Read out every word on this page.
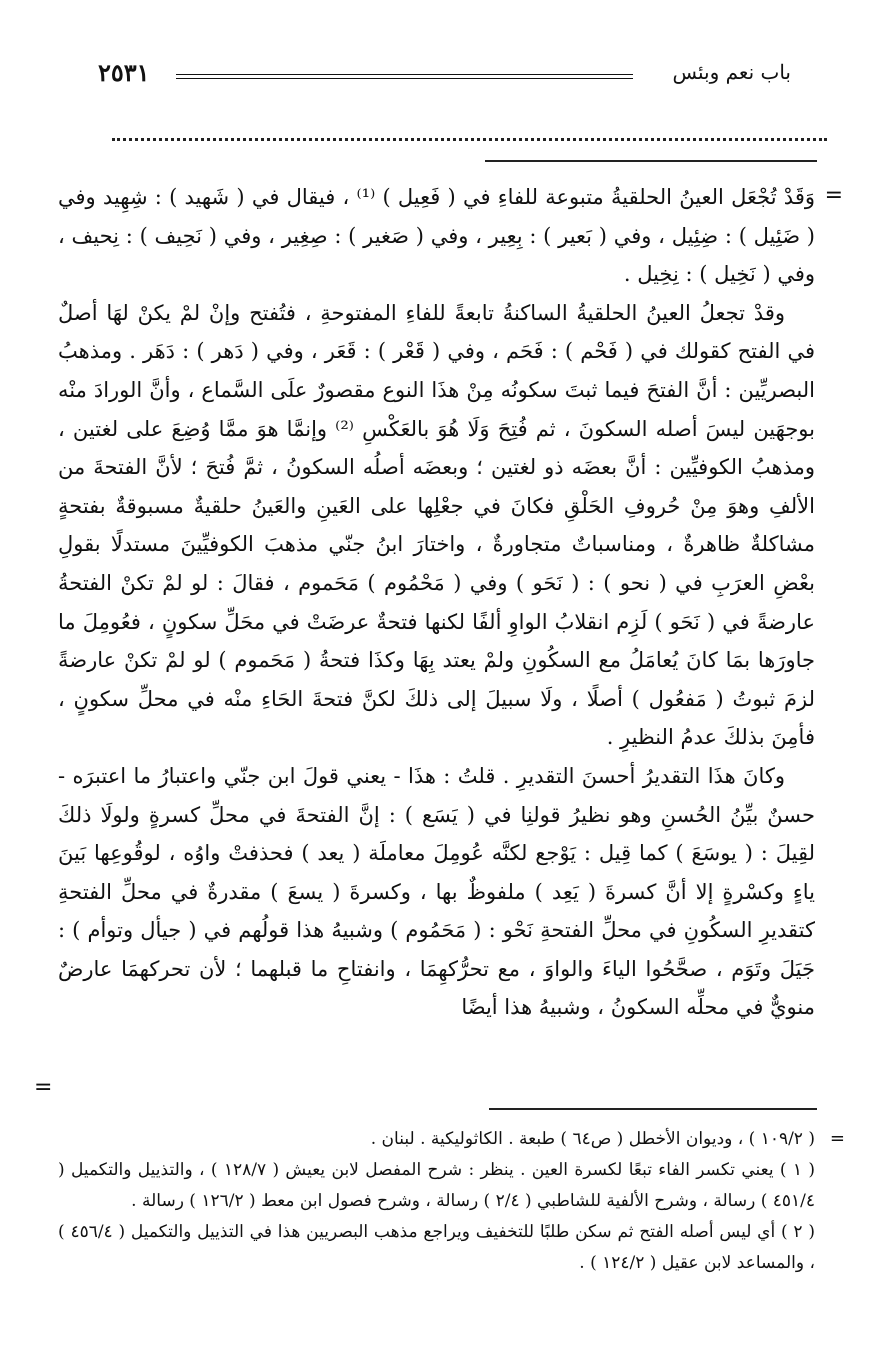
٢٥٣١	باب نعم وبئس
=
=
=

وَقَدْ تُجْعَل العينُ الحلقيةُ متبوعة للفاءِ في ( فَعِيل ) ⁽¹⁾ ، فيقال في ( شَهيد ) : شِهِيد وفي ( ضَئِيل ) : ضِئِيل ، وفي ( بَعير ) : بِعِير ، وفي ( صَغير ) : صِغِير ، وفي ( نَحِيف ) : نِحيف ، وفي ( نَخِيل ) : نِخِيل .

وقدْ تجعلُ العينُ الحلقيةُ الساكنةُ تابعةً للفاءِ المفتوحةِ ، فتُفتح وإنْ لمْ يكنْ لهَا أصلٌ في الفتح كقولك في ( فَحْم ) : فَحَم ، وفي ( قَعْر ) : قَعَر ، وفي ( دَهر ) : دَهَر . ومذهبُ البصريِّين : أنَّ الفتحَ فيما ثبتَ سكونُه مِنْ هذَا النوع مقصورٌ علَى السَّماع ، وأنَّ الورادَ منْه بوجهَين ليسَ أصله السكونَ ، ثم فُتِحَ وَلَا هُوَ بالعَكْسِ ⁽²⁾ وإنمَّا هوَ ممَّا وُضِعَ على لغتين ، ومذهبُ الكوفيِّين : أنَّ بعضَه ذو لغتين ؛ وبعضَه أصلُه السكونُ ، ثمَّ فُتحَ ؛ لأنَّ الفتحةَ من الألفِ وهوَ مِنْ حُروفِ الحَلْقِ فكانَ في جعْلِها على العَينِ والعَينُ حلقيةٌ مسبوقةٌ بفتحةٍ مشاكلةٌ ظاهرةٌ ، ومناسباتٌ متجاورةٌ ، واختارَ ابنُ جنّي مذهبَ الكوفيِّينَ مستدلًا بقولِ بعْضِ العرَبِ في ( نحو ) : ( نَحَو ) وفي ( مَحْمُوم ) مَحَموم ، فقالَ : لو لمْ تكنْ الفتحةُ عارضةً في ( نَحَو ) لَزِم انقلابُ الواوِ ألفًا لكنها فتحةٌ عرضَتْ في محَلِّ سكونٍ ، فعُومِلَ ما جاورَها بمَا كانَ يُعامَلُ مع السكُونِ ولمْ يعتد بِهَا وكذَا فتحةُ ( مَحَموم ) لو لمْ تكنْ عارضةً لزمَ ثبوتُ ( مَفعُول ) أصلًا ، ولَا سبيلَ إلى ذلكَ لكنَّ فتحةَ الحَاءِ منْه في محلِّ سكونٍ ، فأمِنَ بذلكَ عدمُ النظيرِ .

وكانَ هذَا التقديرُ أحسنَ التقديرِ . قلتُ : هذَا - يعني قولَ ابن جنّي واعتبارُ ما اعتبرَه - حسنٌ بيِّنُ الحُسنِ وهو نظيرُ قولنِا في ( يَسَع ) : إنَّ الفتحةَ في محلِّ كسرةٍ ولولَا ذلكَ لقِيلَ : ( يوسَعَ ) كما قِيل : يَوْجع لكنَّه عُومِلَ معاملَة ( يعد ) فحذفتْ واوُه ، لوقُوعِها بَينَ ياءٍ وكسْرةٍ إلا أنَّ كسرةَ ( يَعِد ) ملفوظٌ بها ، وكسرةَ ( يسعَ ) مقدرةٌ في محلِّ الفتحةِ كتقديرِ السكُونِ في محلِّ الفتحةِ نَحْو : ( مَحَمُوم ) وشبيهُ هذا قولُهم في ( جيأل وتوأم ) : جَيَلَ وتَوَم ، صحَّحُوا الياءَ والواوَ ، مع تحرُّكهِمَا ، وانفتاحِ ما قبلهما ؛ لأن تحركهمَا عارضٌ منويٌّ في محلِّه السكونُ ، وشبيهُ هذا أيضًا

( ١٠٩/٢ ) ، وديوان الأخطل ( ص٦٤ ) طبعة . الكاثوليكية . لبنان .

( ١ ) يعني تكسر الفاء تبعًا لكسرة العين . ينظر : شرح المفصل لابن يعيش ( ١٢٨/٧ ) ، والتذييل والتكميل ( ٤٥١/٤ ) رسالة ، وشرح الألفية للشاطبي ( ٢/٤ ) رسالة ، وشرح فصول ابن معط ( ١٢٦/٢ ) رسالة .

( ٢ ) أي ليس أصله الفتح ثم سكن طلبًا للتخفيف ويراجع مذهب البصريين هذا في التذييل والتكميل ( ٤٥٦/٤ ) ، والمساعد لابن عقيل ( ١٢٤/٢ ) .
